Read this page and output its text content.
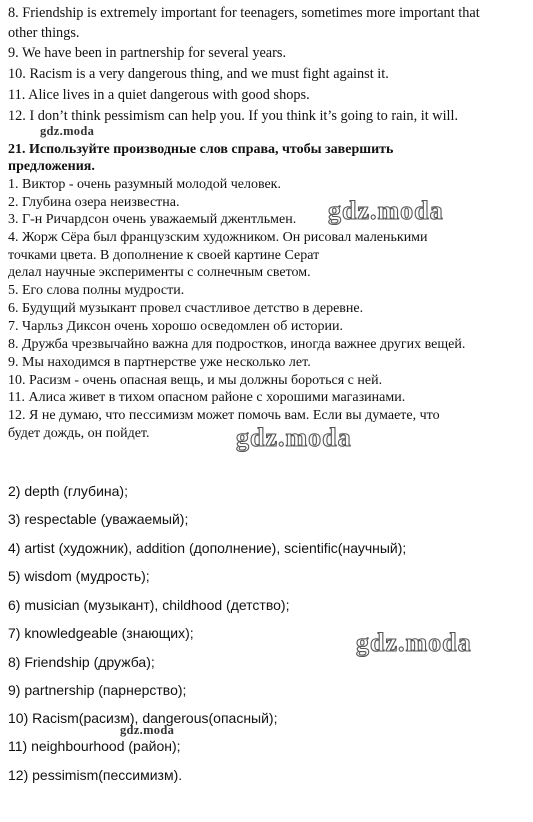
8. Friendship is extremely important for teenagers, sometimes more important that
other things.
9. We have been in partnership for several years.
10. Racism is a very dangerous thing, and we must fight against it.
11. Alice lives in a quiet dangerous with good shops.
12. I don’t think pessimism can help you. If you think it’s going to rain, it will.
gdz.moda
21. Используйте производные слов справа, чтобы завершить
предложения.
1. Виктор - очень разумный молодой человек.
2. Глубина озера неизвестна.
3. Г-н Ричардсон очень уважаемый джентльмен.
4. Жорж Сёра был французским художником. Он рисовал маленькими
точками цвета. В дополнение к своей картине Серат
делал научные эксперименты с солнечным светом.
5. Его слова полны мудрости.
6. Будущий музыкант провел счастливое детство в деревне.
7. Чарльз Диксон очень хорошо осведомлен об истории.
8. Дружба чрезвычайно важна для подростков, иногда важнее других вещей.
9. Мы находимся в партнерстве уже несколько лет.
10. Расизм - очень опасная вещь, и мы должны бороться с ней.
11. Алиса живет в тихом опасном районе с хорошими магазинами.
12. Я не думаю, что пессимизм может помочь вам. Если вы думаете, что
будет дождь, он пойдет.
gdz.moda
gdz.moda
gdz.moda
2) depth (глубина);
3) respectable (уважаемый);
4) artist (художник), addition (дополнение), scientific(научный);
5) wisdom (мудрость);
6) musician (музыкант), childhood (детство);
7) knowledgeable (знающих);
8) Friendship (дружба);
9) partnership (парнерство);
10) Racism(расизм), dangerous(опасный);
gdz.moda
11) neighbourhood (район);
12) pessimism(пессимизм).
